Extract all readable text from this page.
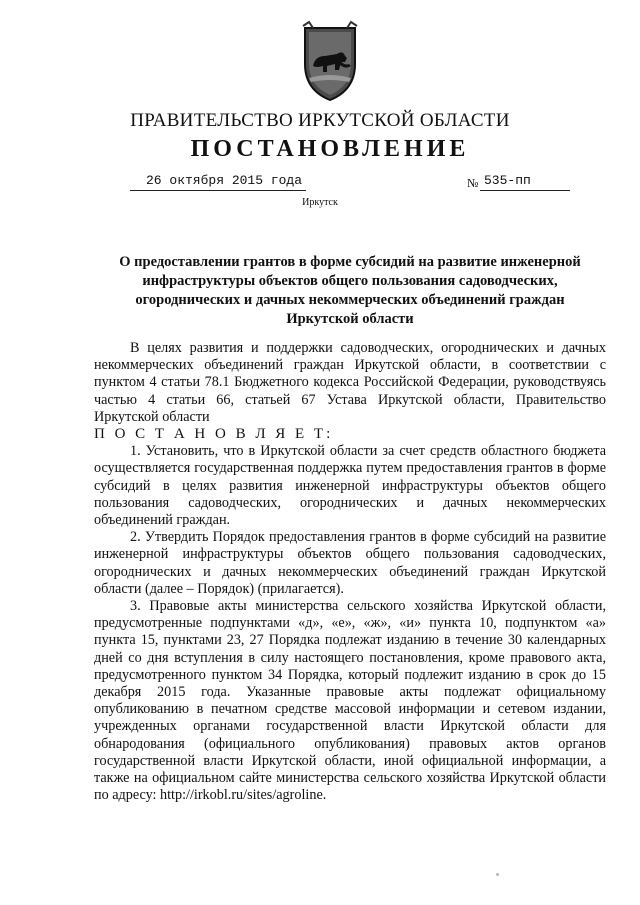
ПРАВИТЕЛЬСТВО ИРКУТСКОЙ ОБЛАСТИ
ПОСТАНОВЛЕНИЕ
26 октября 2015 года	№ 535-пп
Иркутск
О предоставлении грантов в форме субсидий на развитие инженерной инфраструктуры объектов общего пользования садоводческих, огороднических и дачных некоммерческих объединений граждан Иркутской области

В целях развития и поддержки садоводческих, огороднических и дачных некоммерческих объединений граждан Иркутской области, в соответствии с пунктом 4 статьи 78.1 Бюджетного кодекса Российской Федерации, руководствуясь частью 4 статьи 66, статьей 67 Устава Иркутской области, Правительство Иркутской области

П О С Т А Н О В Л Я Е Т:

1. Установить, что в Иркутской области за счет средств областного бюджета осуществляется государственная поддержка путем предоставления грантов в форме субсидий в целях развития инженерной инфраструктуры объектов общего пользования садоводческих, огороднических и дачных некоммерческих объединений граждан.

2. Утвердить Порядок предоставления грантов в форме субсидий на развитие инженерной инфраструктуры объектов общего пользования садоводческих, огороднических и дачных некоммерческих объединений граждан Иркутской области (далее – Порядок) (прилагается).

3. Правовые акты министерства сельского хозяйства Иркутской области, предусмотренные подпунктами «д», «е», «ж», «и» пункта 10, подпунктом «а» пункта 15, пунктами 23, 27 Порядка подлежат изданию в течение 30 календарных дней со дня вступления в силу настоящего постановления, кроме правового акта, предусмотренного пунктом 34 Порядка, который подлежит изданию в срок до 15 декабря 2015 года. Указанные правовые акты подлежат официальному опубликованию в печатном средстве массовой информации и сетевом издании, учрежденных органами государственной власти Иркутской области для обнародования (официального опубликования) правовых актов органов государственной власти Иркутской области, иной официальной информации, а также на официальном сайте министерства сельского хозяйства Иркутской области по адресу: http://irkobl.ru/sites/agroline.
